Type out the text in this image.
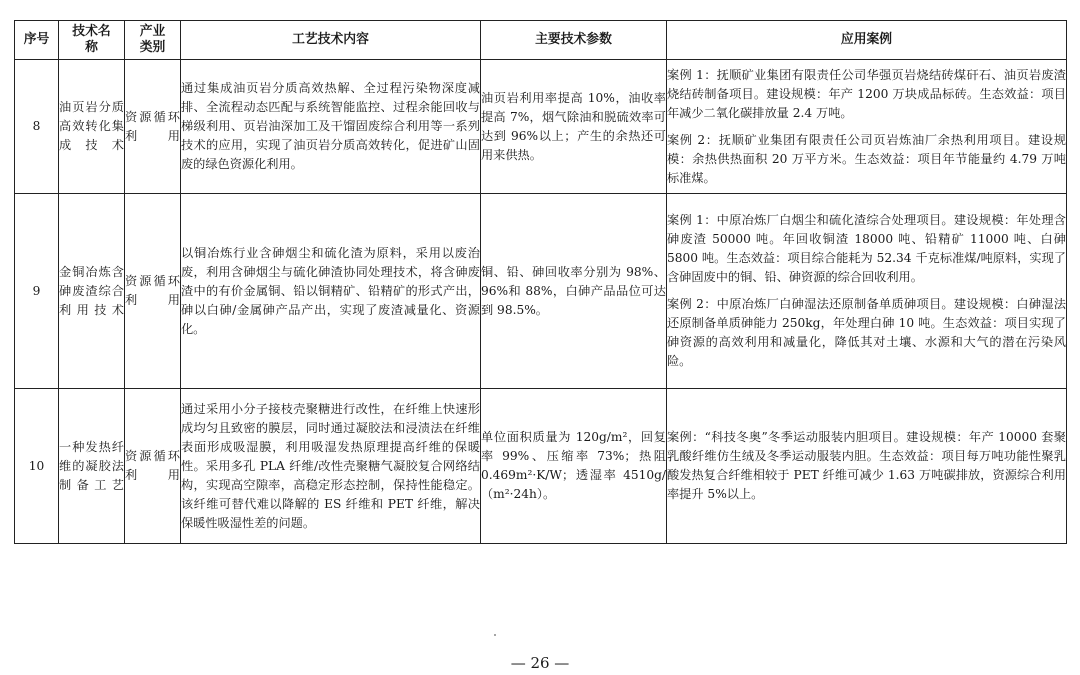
序号	技术名称	产业类别	工艺技术内容	主要技术参数	应用案例
8	油页岩分质高效转化集成技术	资源循环利用	通过集成油页岩分质高效热解、全过程污染物深度减排、全流程动态匹配与系统智能监控、过程余能回收与梯级利用、页岩油深加工及干馏固废综合利用等一系列技术的应用，实现了油页岩分质高效转化，促进矿山固废的绿色资源化利用。	油页岩利用率提高 10%，油收率提高 7%，烟气除油和脱硫效率可达到 96%以上；产生的余热还可用来供热。	案例 1：抚顺矿业集团有限责任公司华强页岩烧结砖煤矸石、油页岩废渣烧结砖制备项目。建设规模：年产 1200 万块成品标砖。生态效益：项目年减少二氧化碳排放量 2.4 万吨。

案例 2：抚顺矿业集团有限责任公司页岩炼油厂余热利用项目。建设规模：余热供热面积 20 万平方米。生态效益：项目年节能量约 4.79 万吨标准煤。

9	金铜冶炼含砷废渣综合利用技术	资源循环利用	以铜冶炼行业含砷烟尘和硫化渣为原料，采用以废治废，利用含砷烟尘与硫化砷渣协同处理技术，将含砷废渣中的有价金属铜、铅以铜精矿、铅精矿的形式产出，砷以白砷/金属砷产品产出，实现了废渣减量化、资源化。	铜、铅、砷回收率分别为 98%、96%和 88%，白砷产品品位可达到 98.5%。	案例 1：中原冶炼厂白烟尘和硫化渣综合处理项目。建设规模：年处理含砷废渣 50000 吨。年回收铜渣 18000 吨、铅精矿 11000 吨、白砷 5800 吨。生态效益：项目综合能耗为 52.34 千克标准煤/吨原料，实现了含砷固废中的铜、铅、砷资源的综合回收利用。

案例 2：中原冶炼厂白砷湿法还原制备单质砷项目。建设规模：白砷湿法还原制备单质砷能力 250kg，年处理白砷 10 吨。生态效益：项目实现了砷资源的高效利用和减量化，降低其对土壤、水源和大气的潜在污染风险。

10	一种发热纤维的凝胶法制备工艺	资源循环利用	通过采用小分子接枝壳聚糖进行改性，在纤维上快速形成均匀且致密的膜层，同时通过凝胶法和浸渍法在纤维表面形成吸湿膜，利用吸湿发热原理提高纤维的保暖性。采用多孔 PLA 纤维/改性壳聚糖气凝胶复合网络结构，实现高空隙率，高稳定形态控制，保持性能稳定。该纤维可替代难以降解的 ES 纤维和 PET 纤维，解决保暖性吸湿性差的问题。	单位面积质量为 120g/m²，回复率 99%、压缩率 73%；热阻 0.469m²·K/W；透湿率 4510g/（m²·24h）。	案例：“科技冬奥”冬季运动服装内胆项目。建设规模：年产 10000 套聚乳酸纤维仿生绒及冬季运动服装内胆。生态效益：项目每万吨功能性聚乳酸发热复合纤维相较于 PET 纤维可减少 1.63 万吨碳排放，资源综合利用率提升 5%以上。

— 26 —
